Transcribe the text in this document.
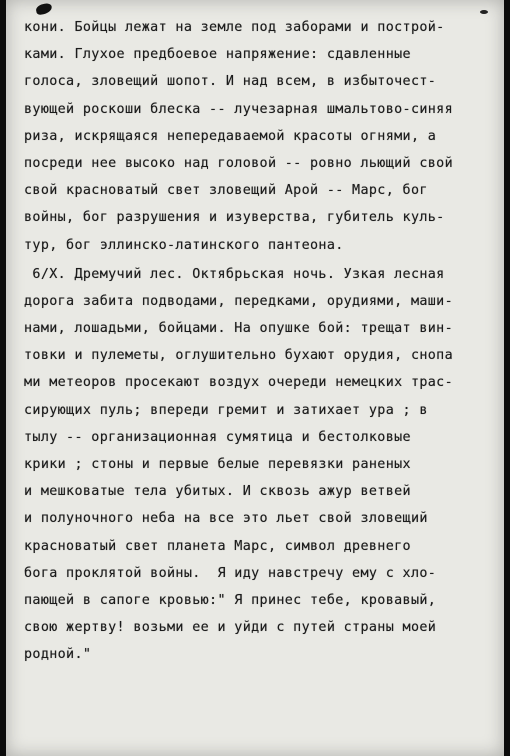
кони. Бойцы лежат на земле под заборами и построй-
ками. Глухое предбоевое напряжение: сдавленные
голоса, зловещий шопот. И над всем, в избыточест-
вующей роскоши блеска -- лучезарная шмальтово-синяя
риза, искрящаяся непередаваемой красоты огнями, а
посреди нее высоко над головой -- ровно льющий свой
свой красноватый свет зловещий Арой -- Марс, бог
войны, бог разрушения и изуверства, губитель куль-
тур, бог эллинско-латинского пантеона.
6/Х. Дремучий лес. Октябрьская ночь. Узкая лесная
дорога забита подводами, передками, орудиями, маши-
нами, лошадьми, бойцами. На опушке бой: трещат вин-
товки и пулеметы, оглушительно бухают орудия, снопа
ми метеоров просекают воздух очереди немецких трас-
сирующих пуль; впереди гремит и затихает ура ; в
тылу -- организационная сумятица и бестолковые
крики ; стоны и первые белые перевязки раненых
и мешковатые тела убитых. И сквозь ажур ветвей
и полуночного неба на все это льет свой зловещий
красноватый свет планета Марс, символ древнего
бога проклятой войны.  Я иду навстречу ему с хло-
пающей в сапоге кровью:" Я принес тебе, кровавый,
свою жертву! возьми ее и уйди с путей страны моей
родной."
